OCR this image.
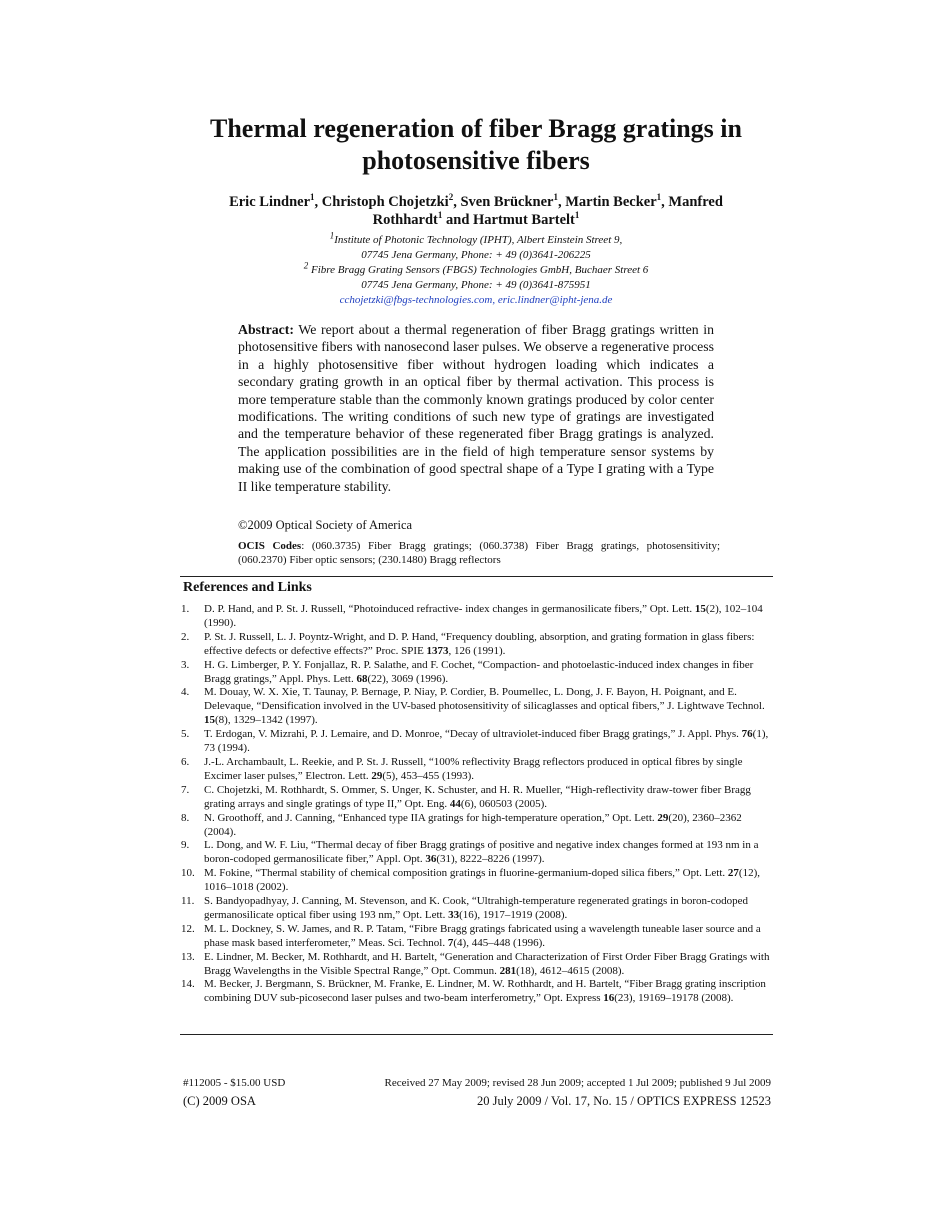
Thermal regeneration of fiber Bragg gratings in
photosensitive fibers
Eric Lindner$^1$, Christoph Chojetzki$^2$, Sven Brückner$^1$, Martin Becker$^1$, Manfred
Rothhardt$^1$ and Hartmut Bartelt$^1$
$^1$Institute of Photonic Technology (IPHT), Albert Einstein Street 9,
07745 Jena Germany, Phone: + 49 (0)3641-206225
$^2$ Fibre Bragg Grating Sensors (FBGS) Technologies GmbH, Buchaer Street 6
07745 Jena Germany, Phone: + 49 (0)3641-875951
cchojetzki@fbgs-technologies.com, eric.lindner@ipht-jena.de
Abstract: We report about a thermal regeneration of fiber Bragg gratings written in photosensitive fibers with nanosecond laser pulses. We observe a regenerative process in a highly photosensitive fiber without hydrogen loading which indicates a secondary grating growth in an optical fiber by thermal activation. This process is more temperature stable than the commonly known gratings produced by color center modifications. The writing conditions of such new type of gratings are investigated and the temperature behavior of these regenerated fiber Bragg gratings is analyzed. The application possibilities are in the field of high temperature sensor systems by making use of the combination of good spectral shape of a Type I grating with a Type II like temperature stability.
©2009 Optical Society of America
OCIS Codes: (060.3735) Fiber Bragg gratings; (060.3738) Fiber Bragg gratings, photosensitivity; (060.2370) Fiber optic sensors; (230.1480) Bragg reflectors
References and Links
1. D. P. Hand, and P. St. J. Russell, “Photoinduced refractive- index changes in germanosilicate fibers,” Opt. Lett. 15(2), 102–104 (1990).
2. P. St. J. Russell, L. J. Poyntz-Wright, and D. P. Hand, “Frequency doubling, absorption, and grating formation in glass fibers: effective defects or defective effects?” Proc. SPIE 1373, 126 (1991).
3. H. G. Limberger, P. Y. Fonjallaz, R. P. Salathe, and F. Cochet, “Compaction- and photoelastic-induced index changes in fiber Bragg gratings,” Appl. Phys. Lett. 68(22), 3069 (1996).
4. M. Douay, W. X. Xie, T. Taunay, P. Bernage, P. Niay, P. Cordier, B. Poumellec, L. Dong, J. F. Bayon, H. Poignant, and E. Delevaque, “Densification involved in the UV-based photosensitivity of silicaglasses and optical fibers,” J. Lightwave Technol. 15(8), 1329–1342 (1997).
5. T. Erdogan, V. Mizrahi, P. J. Lemaire, and D. Monroe, “Decay of ultraviolet-induced fiber Bragg gratings,” J. Appl. Phys. 76(1), 73 (1994).
6. J.-L. Archambault, L. Reekie, and P. St. J. Russell, “100% reflectivity Bragg reflectors produced in optical fibres by single Excimer laser pulses,” Electron. Lett. 29(5), 453–455 (1993).
7. C. Chojetzki, M. Rothhardt, S. Ommer, S. Unger, K. Schuster, and H. R. Mueller, “High-reflectivity draw-tower fiber Bragg grating arrays and single gratings of type II,” Opt. Eng. 44(6), 060503 (2005).
8. N. Groothoff, and J. Canning, “Enhanced type IIA gratings for high-temperature operation,” Opt. Lett. 29(20), 2360–2362 (2004).
9. L. Dong, and W. F. Liu, “Thermal decay of fiber Bragg gratings of positive and negative index changes formed at 193 nm in a boron-codoped germanosilicate fiber,” Appl. Opt. 36(31), 8222–8226 (1997).
10. M. Fokine, “Thermal stability of chemical composition gratings in fluorine-germanium-doped silica fibers,” Opt. Lett. 27(12), 1016–1018 (2002).
11. S. Bandyopadhyay, J. Canning, M. Stevenson, and K. Cook, “Ultrahigh-temperature regenerated gratings in boron-codoped germanosilicate optical fiber using 193 nm,” Opt. Lett. 33(16), 1917–1919 (2008).
12. M. L. Dockney, S. W. James, and R. P. Tatam, “Fibre Bragg gratings fabricated using a wavelength tuneable laser source and a phase mask based interferometer,” Meas. Sci. Technol. 7(4), 445–448 (1996).
13. E. Lindner, M. Becker, M. Rothhardt, and H. Bartelt, “Generation and Characterization of First Order Fiber Bragg Gratings with Bragg Wavelengths in the Visible Spectral Range,” Opt. Commun. 281(18), 4612–4615 (2008).
14. M. Becker, J. Bergmann, S. Brückner, M. Franke, E. Lindner, M. W. Rothhardt, and H. Bartelt, “Fiber Bragg grating inscription combining DUV sub-picosecond laser pulses and two-beam interferometry,” Opt. Express 16(23), 19169–19178 (2008).
#112005 - $15.00 USD	Received 27 May 2009; revised 28 Jun 2009; accepted 1 Jul 2009; published 9 Jul 2009
(C) 2009 OSA	20 July 2009 / Vol. 17, No. 15 / OPTICS EXPRESS 12523
